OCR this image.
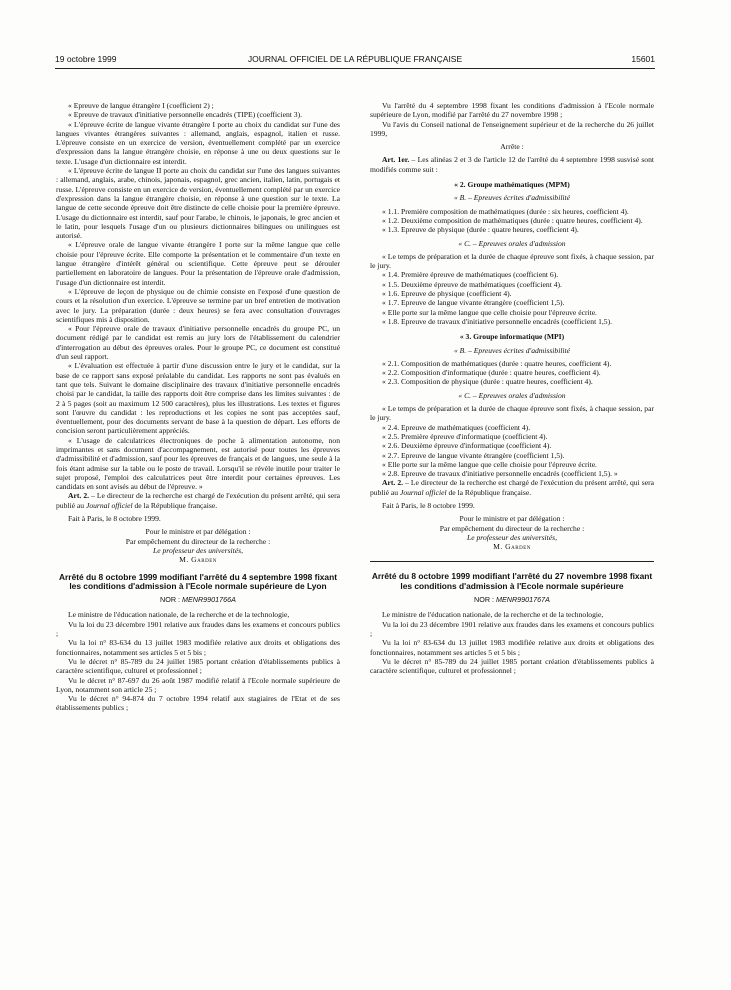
19 octobre 1999	JOURNAL OFFICIEL DE LA RÉPUBLIQUE FRANÇAISE	15601

« Epreuve de langue étrangère I (coefficient 2) ;

« Epreuve de travaux d'initiative personnelle encadrés (TIPE) (coefficient 3).

« L'épreuve écrite de langue vivante étrangère I porte au choix du candidat sur l'une des langues vivantes étrangères suivantes : allemand, anglais, espagnol, italien et russe. L'épreuve consiste en un exercice de version, éventuellement complété par un exercice d'expression dans la langue étrangère choisie, en réponse à une ou deux questions sur le texte. L'usage d'un dictionnaire est interdit.

« L'épreuve écrite de langue II porte au choix du candidat sur l'une des langues suivantes : allemand, anglais, arabe, chinois, japonais, espagnol, grec ancien, italien, latin, portugais et russe. L'épreuve consiste en un exercice de version, éventuellement complété par un exercice d'expression dans la langue étrangère choisie, en réponse à une question sur le texte. La langue de cette seconde épreuve doit être distincte de celle choisie pour la première épreuve. L'usage du dictionnaire est interdit, sauf pour l'arabe, le chinois, le japonais, le grec ancien et le latin, pour lesquels l'usage d'un ou plusieurs dictionnaires bilingues ou unilingues est autorisé.

« L'épreuve orale de langue vivante étrangère I porte sur la même langue que celle choisie pour l'épreuve écrite. Elle comporte la présentation et le commentaire d'un texte en langue étrangère d'intérêt général ou scientifique. Cette épreuve peut se dérouler partiellement en laboratoire de langues. Pour la présentation de l'épreuve orale d'admission, l'usage d'un dictionnaire est interdit.

« L'épreuve de leçon de physique ou de chimie consiste en l'exposé d'une question de cours et la résolution d'un exercice. L'épreuve se termine par un bref entretien de motivation avec le jury. La préparation (durée : deux heures) se fera avec consultation d'ouvrages scientifiques mis à disposition.

« Pour l'épreuve orale de travaux d'initiative personnelle encadrés du groupe PC, un document rédigé par le candidat est remis au jury lors de l'établissement du calendrier d'interrogation au début des épreuves orales. Pour le groupe PC, ce document est constitué d'un seul rapport.

« L'évaluation est effectuée à partir d'une discussion entre le jury et le candidat, sur la base de ce rapport sans exposé préalable du candidat. Les rapports ne sont pas évalués en tant que tels. Suivant le domaine disciplinaire des travaux d'initiative personnelle encadrés choisi par le candidat, la taille des rapports doit être comprise dans les limites suivantes : de 2 à 5 pages (soit au maximum 12 500 caractères), plus les illustrations. Les textes et figures sont l'œuvre du candidat : les reproductions et les copies ne sont pas acceptées sauf, éventuellement, pour des documents servant de base à la question de départ. Les efforts de concision seront particulièrement appréciés.

« L'usage de calculatrices électroniques de poche à alimentation autonome, non imprimantes et sans document d'accompagnement, est autorisé pour toutes les épreuves d'admissibilité et d'admission, sauf pour les épreuves de français et de langues, une seule à la fois étant admise sur la table ou le poste de travail. Lorsqu'il se révèle inutile pour traiter le sujet proposé, l'emploi des calculatrices peut être interdit pour certaines épreuves. Les candidats en sont avisés au début de l'épreuve. »

Art. 2. – Le directeur de la recherche est chargé de l'exécution du présent arrêté, qui sera publié au Journal officiel de la République française.

Fait à Paris, le 8 octobre 1999.

Pour le ministre et par délégation :

Par empêchement du directeur de la recherche :

Le professeur des universités,

M. Garden

Arrêté du 8 octobre 1999 modifiant l'arrêté du 4 septembre 1998 fixant les conditions d'admission à l'Ecole normale supérieure de Lyon

NOR : MENR9901766A

Le ministre de l'éducation nationale, de la recherche et de la technologie,

Vu la loi du 23 décembre 1901 relative aux fraudes dans les examens et concours publics ;

Vu la loi n° 83-634 du 13 juillet 1983 modifiée relative aux droits et obligations des fonctionnaires, notamment ses articles 5 et 5 bis ;

Vu le décret n° 85-789 du 24 juillet 1985 portant création d'établissements publics à caractère scientifique, culturel et professionnel ;

Vu le décret n° 87-697 du 26 août 1987 modifié relatif à l'Ecole normale supérieure de Lyon, notamment son article 25 ;

Vu le décret n° 94-874 du 7 octobre 1994 relatif aux stagiaires de l'Etat et de ses établissements publics ;

Vu l'arrêté du 4 septembre 1998 fixant les conditions d'admission à l'Ecole normale supérieure de Lyon, modifié par l'arrêté du 27 novembre 1998 ;

Vu l'avis du Conseil national de l'enseignement supérieur et de la recherche du 26 juillet 1999,

Arrête :

Art. 1er. – Les alinéas 2 et 3 de l'article 12 de l'arrêté du 4 septembre 1998 susvisé sont modifiés comme suit :

« 2. Groupe mathématiques (MPM)

« B. – Epreuves écrites d'admissibilité

« 1.1. Première composition de mathématiques (durée : six heures, coefficient 4).

« 1.2. Deuxième composition de mathématiques (durée : quatre heures, coefficient 4).

« 1.3. Epreuve de physique (durée : quatre heures, coefficient 4).

« C. – Epreuves orales d'admission

« Le temps de préparation et la durée de chaque épreuve sont fixés, à chaque session, par le jury.

« 1.4. Première épreuve de mathématiques (coefficient 6).

« 1.5. Deuxième épreuve de mathématiques (coefficient 4).

« 1.6. Epreuve de physique (coefficient 4).

« 1.7. Epreuve de langue vivante étrangère (coefficient 1,5).

« Elle porte sur la même langue que celle choisie pour l'épreuve écrite.

« 1.8. Epreuve de travaux d'initiative personnelle encadrés (coefficient 1,5).

« 3. Groupe informatique (MPI)

« B. – Epreuves écrites d'admissibilité

« 2.1. Composition de mathématiques (durée : quatre heures, coefficient 4).

« 2.2. Composition d'informatique (durée : quatre heures, coefficient 4).

« 2.3. Composition de physique (durée : quatre heures, coefficient 4).

« C. – Epreuves orales d'admission

« Le temps de préparation et la durée de chaque épreuve sont fixés, à chaque session, par le jury.

« 2.4. Epreuve de mathématiques (coefficient 4).

« 2.5. Première épreuve d'informatique (coefficient 4).

« 2.6. Deuxième épreuve d'informatique (coefficient 4).

« 2.7. Epreuve de langue vivante étrangère (coefficient 1,5).

« Elle porte sur la même langue que celle choisie pour l'épreuve écrite.

« 2.8. Epreuve de travaux d'initiative personnelle encadrés (coefficient 1,5). »

Art. 2. – Le directeur de la recherche est chargé de l'exécution du présent arrêté, qui sera publié au Journal officiel de la République française.

Fait à Paris, le 8 octobre 1999.

Pour le ministre et par délégation :

Par empêchement du directeur de la recherche :

Le professeur des universités,

M. Garden

Arrêté du 8 octobre 1999 modifiant l'arrêté du 27 novembre 1998 fixant les conditions d'admission à l'Ecole normale supérieure

NOR : MENR9901767A

Le ministre de l'éducation nationale, de la recherche et de la technologie,

Vu la loi du 23 décembre 1901 relative aux fraudes dans les examens et concours publics ;

Vu la loi n° 83-634 du 13 juillet 1983 modifiée relative aux droits et obligations des fonctionnaires, notamment ses articles 5 et 5 bis ;

Vu le décret n° 85-789 du 24 juillet 1985 portant création d'établissements publics à caractère scientifique, culturel et professionnel ;
